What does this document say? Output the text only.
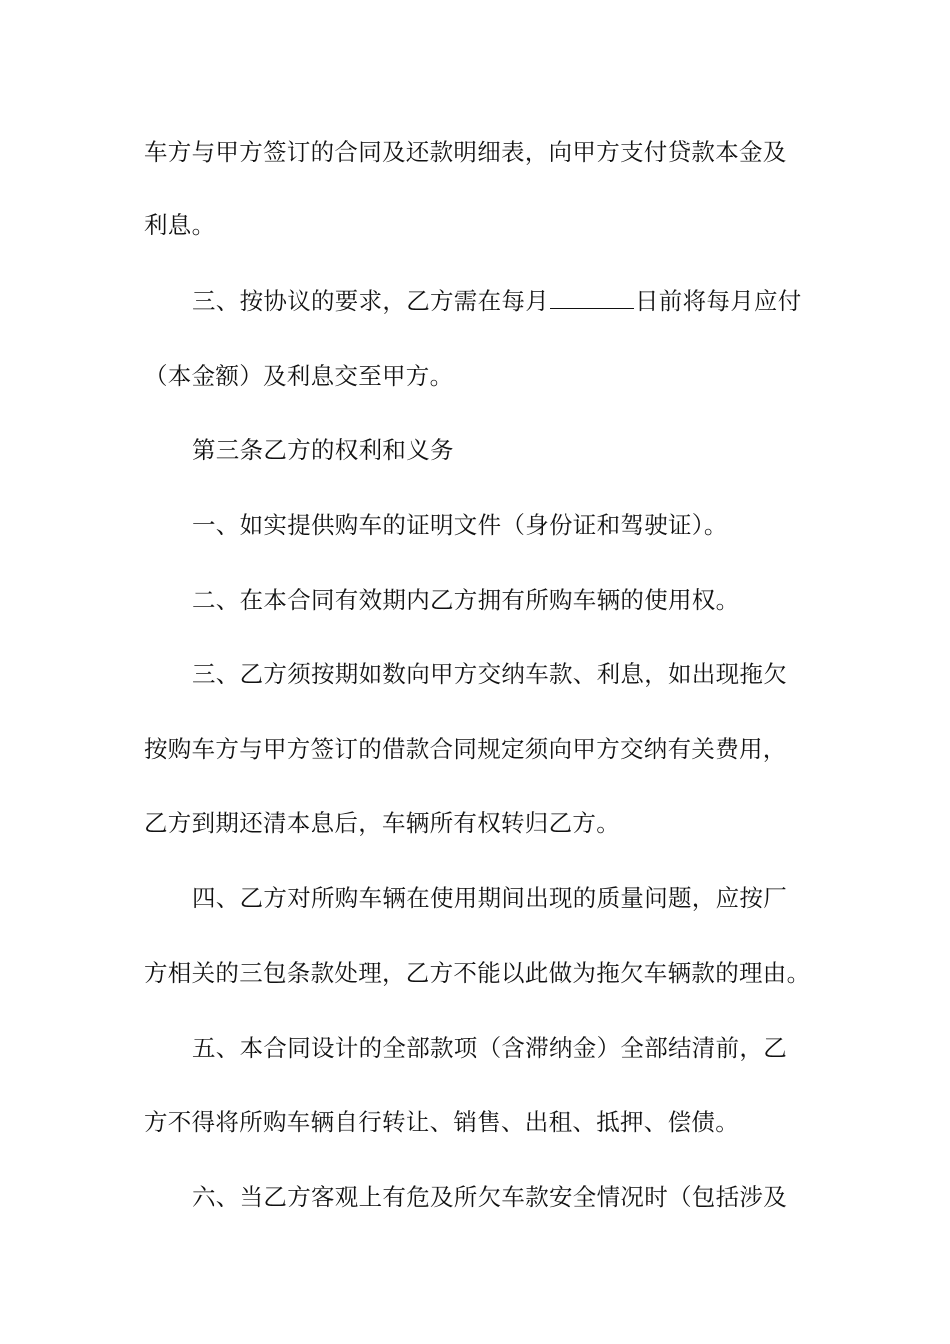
车方与甲方签订的合同及还款明细表，向甲方支付贷款本金及
利息。
三、按协议的要求，乙方需在每月	日前将每月应付
（本金额）及利息交至甲方。
第三条乙方的权利和义务
一、如实提供购车的证明文件（身份证和驾驶证）。
二、在本合同有效期内乙方拥有所购车辆的使用权。
三、乙方须按期如数向甲方交纳车款、利息，如出现拖欠
按购车方与甲方签订的借款合同规定须向甲方交纳有关费用，
乙方到期还清本息后，车辆所有权转归乙方。
四、乙方对所购车辆在使用期间出现的质量问题，应按厂
方相关的三包条款处理，乙方不能以此做为拖欠车辆款的理由。
五、本合同设计的全部款项（含滞纳金）全部结清前，乙
方不得将所购车辆自行转让、销售、出租、抵押、偿债。
六、当乙方客观上有危及所欠车款安全情况时（包括涉及
